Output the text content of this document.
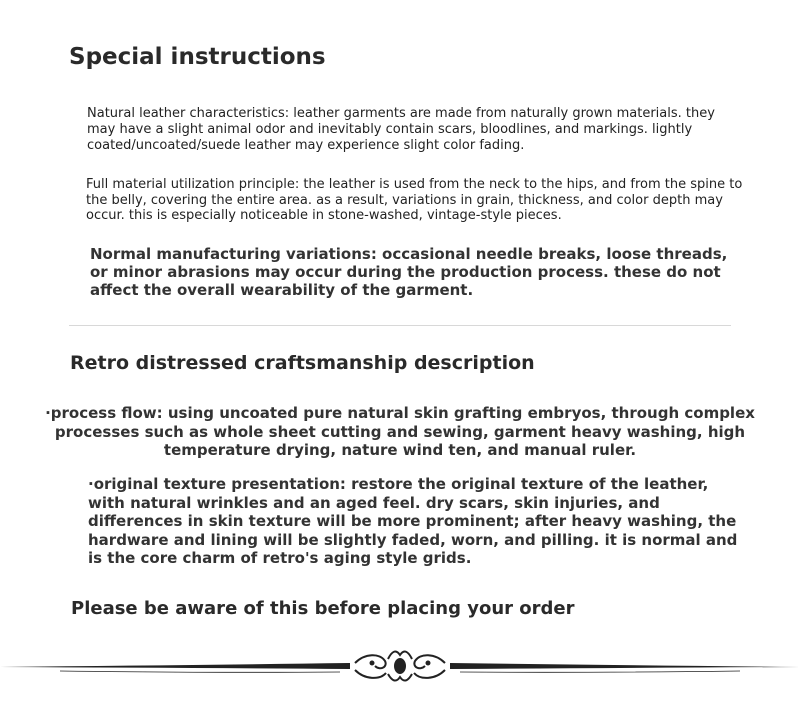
Special instructions

Natural leather characteristics: leather garments are made from naturally grown materials. they may have a slight animal odor and inevitably contain scars, bloodlines, and markings. lightly coated/uncoated/suede leather may experience slight color fading.

Full material utilization principle: the leather is used from the neck to the hips, and from the spine to the belly, covering the entire area. as a result, variations in grain, thickness, and color depth may occur. this is especially noticeable in stone-washed, vintage-style pieces.

Normal manufacturing variations: occasional needle breaks, loose threads, or minor abrasions may occur during the production process. these do not affect the overall wearability of the garment.

Retro distressed craftsmanship description

·process flow: using uncoated pure natural skin grafting embryos, through complex processes such as whole sheet cutting and sewing, garment heavy washing, high temperature drying, nature wind ten, and manual ruler.

·original texture presentation: restore the original texture of the leather, with natural wrinkles and an aged feel. dry scars, skin injuries, and differences in skin texture will be more prominent; after heavy washing, the hardware and lining will be slightly faded, worn, and pilling. it is normal and is the core charm of retro's aging style grids.

Please be aware of this before placing your order
